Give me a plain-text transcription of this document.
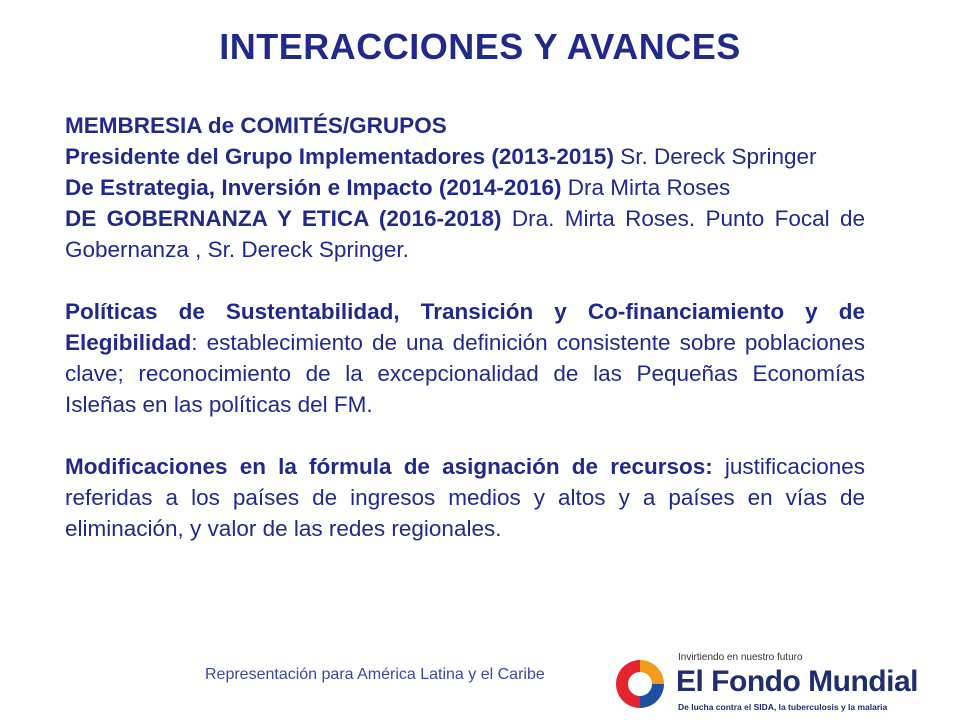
INTERACCIONES Y AVANCES

MEMBRESIA de COMITÉS/GRUPOS

Presidente del Grupo Implementadores (2013-2015) Sr. Dereck Springer

De Estrategia, Inversión e Impacto (2014-2016) Dra Mirta Roses

DE GOBERNANZA Y ETICA (2016-2018) Dra. Mirta Roses. Punto Focal de Gobernanza , Sr. Dereck Springer.

Políticas de Sustentabilidad, Transición y Co-financiamiento y de Elegibilidad: establecimiento de una definición consistente sobre poblaciones clave; reconocimiento de la excepcionalidad de las Pequeñas Economías Isleñas en las políticas del FM.

Modificaciones en la fórmula de asignación de recursos: justificaciones referidas a los países de ingresos medios y altos y a países en vías de eliminación, y valor de las redes regionales.

Representación para América Latina y el Caribe
Invirtiendo en nuestro futuro
El Fondo Mundial
De lucha contra el SIDA, la tuberculosis y la malaria
